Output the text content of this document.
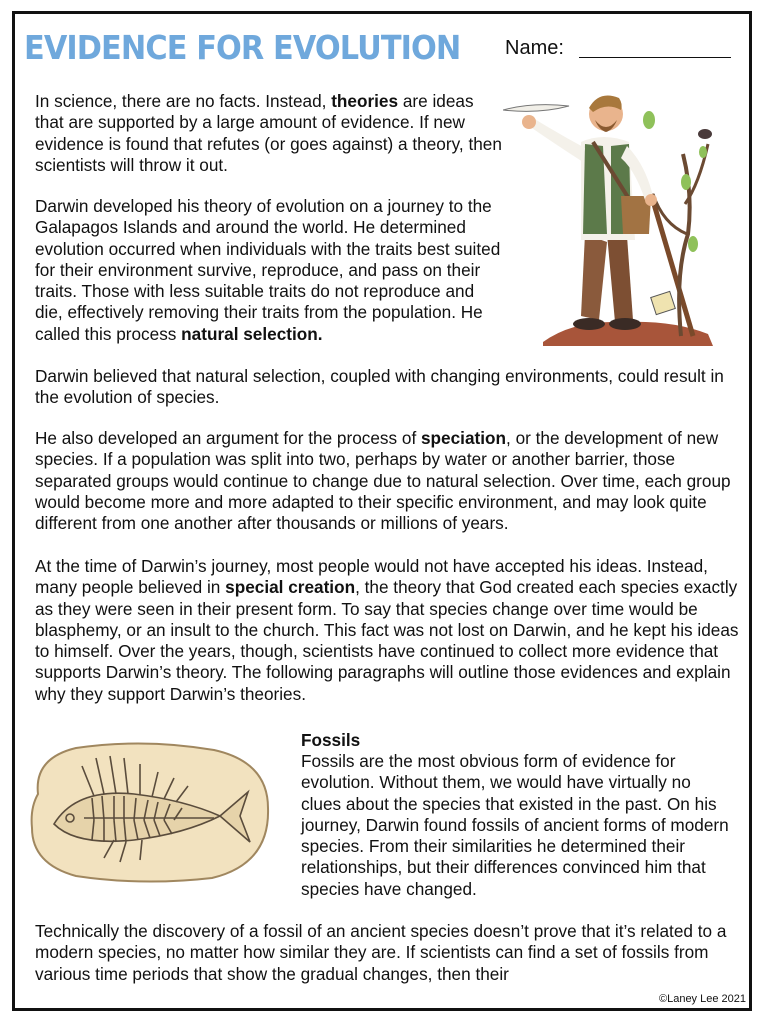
EVIDENCE FOR EVOLUTION Name:

In science, there are no facts. Instead, theories are ideas that are supported by a large amount of evidence. If new evidence is found that refutes (or goes against) a theory, then scientists will throw it out.

Darwin developed his theory of evolution on a journey to the Galapagos Islands and around the world. He determined evolution occurred when individuals with the traits best suited for their environment survive, reproduce, and pass on their traits. Those with less suitable traits do not reproduce and die, effectively removing their traits from the population. He called this process natural selection.

Darwin believed that natural selection, coupled with changing environments, could result in the evolution of species.

He also developed an argument for the process of speciation, or the development of new species. If a population was split into two, perhaps by water or another barrier, those separated groups would continue to change due to natural selection. Over time, each group would become more and more adapted to their specific environment, and may look quite different from one another after thousands or millions of years.

At the time of Darwin’s journey, most people would not have accepted his ideas. Instead, many people believed in special creation, the theory that God created each species exactly as they were seen in their present form. To say that species change over time would be blasphemy, or an insult to the church. This fact was not lost on Darwin, and he kept his ideas to himself. Over the years, though, scientists have continued to collect more evidence that supports Darwin’s theory. The following paragraphs will outline those evidences and explain why they support Darwin’s theories.

Fossils

Fossils are the most obvious form of evidence for evolution. Without them, we would have virtually no clues about the species that existed in the past. On his journey, Darwin found fossils of ancient forms of modern species. From their similarities he determined their relationships, but their differences convinced him that species have changed.

Technically the discovery of a fossil of an ancient species doesn’t prove that it’s related to a modern species, no matter how similar they are. If scientists can find a set of fossils from various time periods that show the gradual changes, then their

©Laney Lee 2021
